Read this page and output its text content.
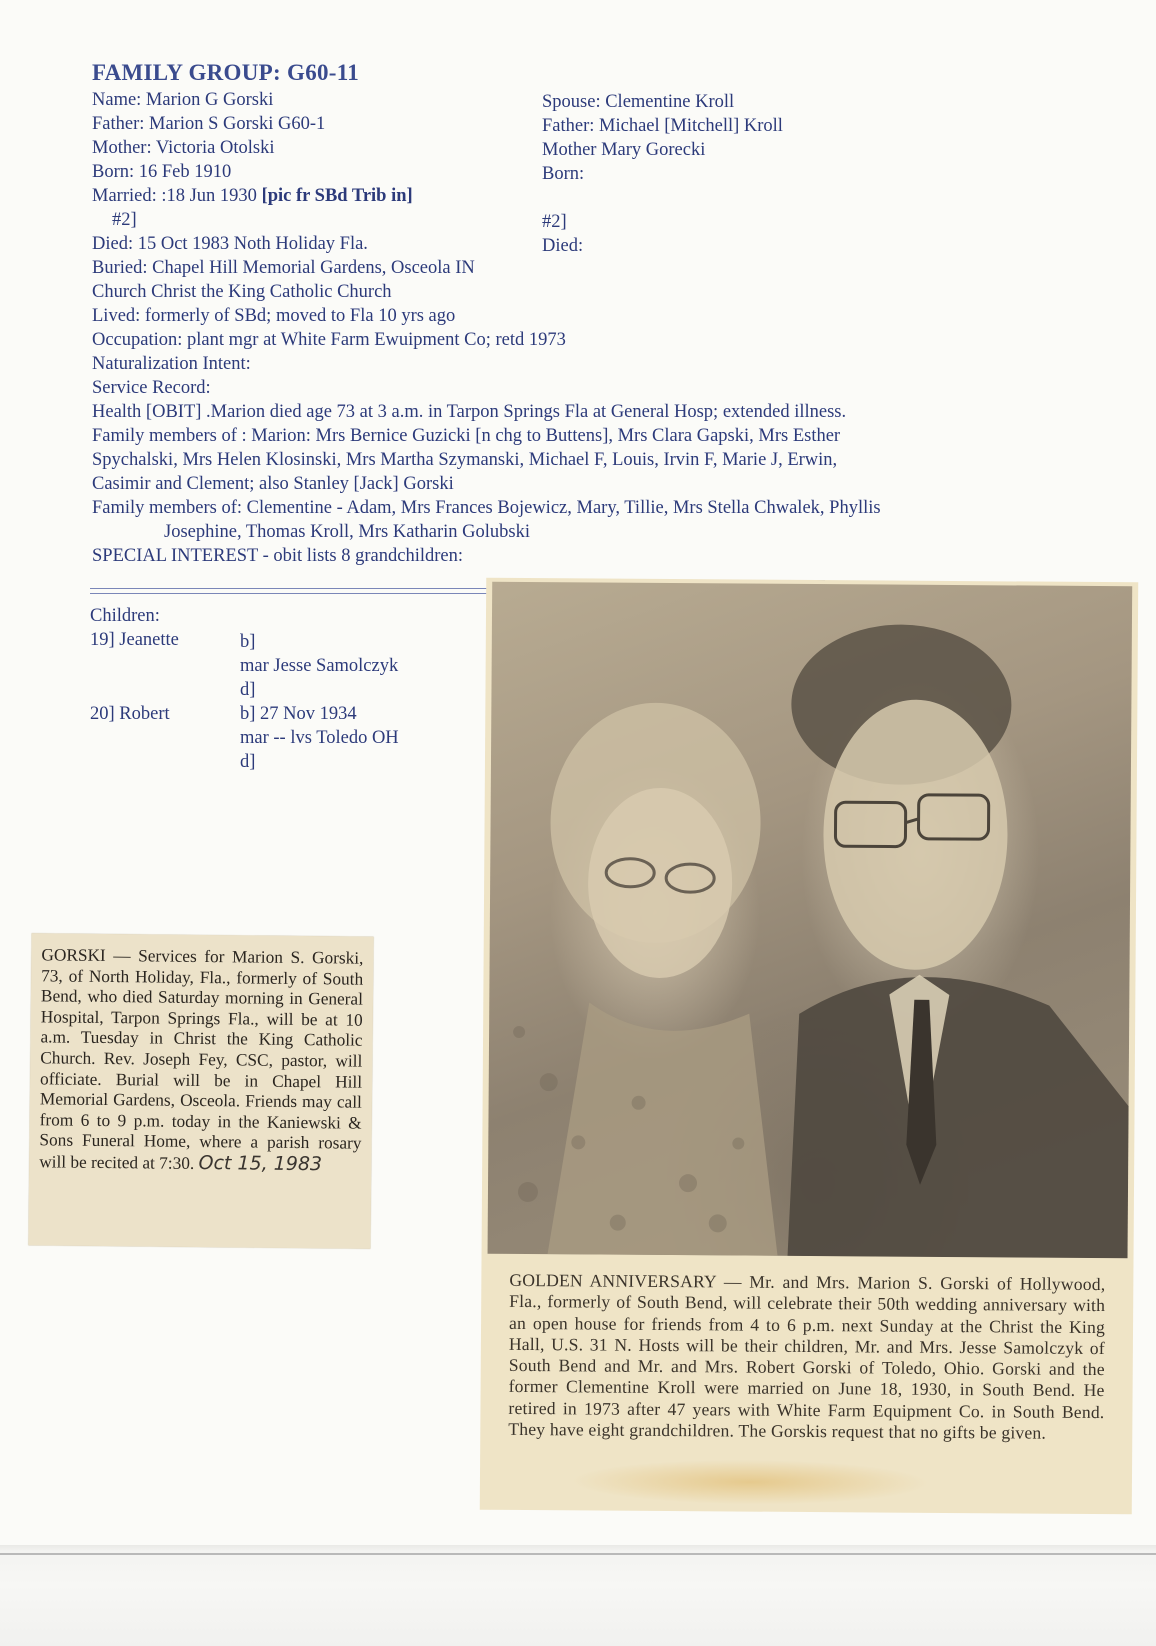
FAMILY GROUP: G60-11
Name: Marion G Gorski
Father: Marion S Gorski G60-1
Mother: Victoria Otolski
Born: 16 Feb 1910
Married: :18 Jun 1930 [pic fr SBd Trib in]
#2]
Died: 15 Oct 1983 Noth Holiday Fla.
Buried: Chapel Hill Memorial Gardens, Osceola IN
Church Christ the King Catholic Church
Lived: formerly of SBd; moved to Fla 10 yrs ago
Occupation: plant mgr at White Farm Ewuipment Co; retd 1973
Naturalization Intent:
Service Record:
Health [OBIT] .Marion died age 73 at 3 a.m. in Tarpon Springs Fla at General Hosp; extended illness.
Family members of : Marion: Mrs Bernice Guzicki [n chg to Buttens], Mrs Clara Gapski, Mrs Esther
Spychalski, Mrs Helen Klosinski, Mrs Martha Szymanski, Michael F, Louis, Irvin F, Marie J, Erwin,
Casimir and Clement; also Stanley [Jack] Gorski
Family members of: Clementine - Adam, Mrs Frances Bojewicz, Mary, Tillie, Mrs Stella Chwalek, Phyllis
Josephine, Thomas Kroll, Mrs Katharin Golubski
SPECIAL INTEREST - obit lists 8 grandchildren:
Spouse: Clementine Kroll
Father: Michael [Mitchell] Kroll
Mother Mary Gorecki
Born:
#2]
Died:
Children:
19] Jeanette	b]
mar Jesse Samolczyk
d]
20] Robert	b] 27 Nov 1934
mar -- lvs Toledo OH
d]
GORSKI — Services for Marion S. Gorski, 73, of North Holiday, Fla., formerly of South Bend, who died Saturday morning in General Hospital, Tarpon Springs Fla., will be at 10 a.m. Tuesday in Christ the King Catholic Church. Rev. Joseph Fey, CSC, pastor, will officiate. Burial will be in Chapel Hill Memorial Gardens, Osceola. Friends may call from 6 to 9 p.m. today in the Kaniewski & Sons Funeral Home, where a parish rosary will be recited at 7:30. Oct 15, 1983
GOLDEN ANNIVERSARY — Mr. and Mrs. Marion S. Gorski of Hollywood, Fla., formerly of South Bend, will celebrate their 50th wedding anniversary with an open house for friends from 4 to 6 p.m. next Sunday at the Christ the King Hall, U.S. 31 N. Hosts will be their children, Mr. and Mrs. Jesse Samolczyk of South Bend and Mr. and Mrs. Robert Gorski of Toledo, Ohio. Gorski and the former Clementine Kroll were married on June 18, 1930, in South Bend. He retired in 1973 after 47 years with White Farm Equipment Co. in South Bend. They have eight grandchildren. The Gorskis request that no gifts be given.
